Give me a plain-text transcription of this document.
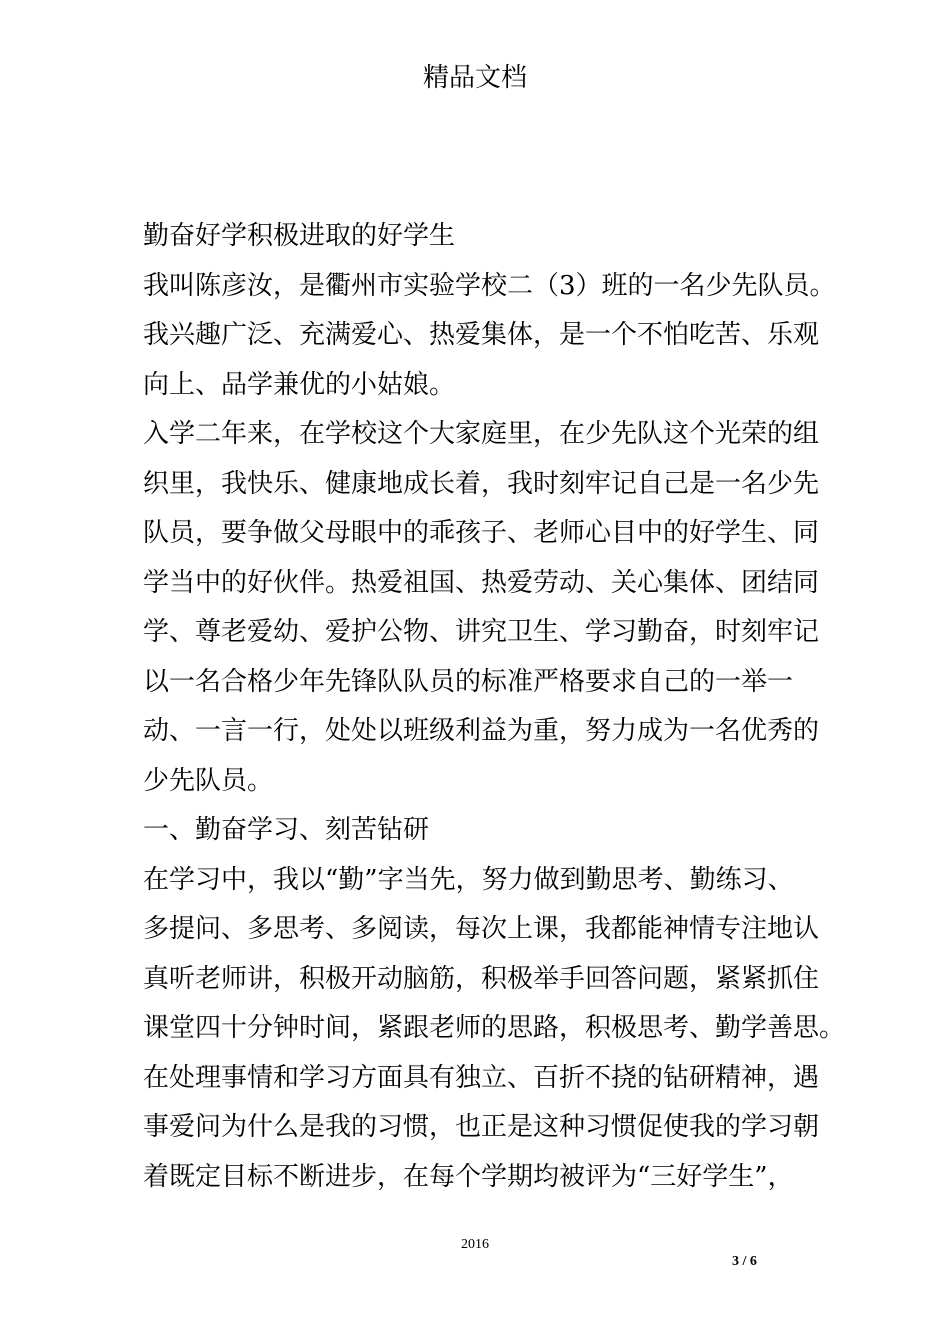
精品文档
勤奋好学积极进取的好学生
我叫陈彦汝，是衢州市实验学校二（3）班的一名少先队员。
我兴趣广泛、充满爱心、热爱集体，是一个不怕吃苦、乐观
向上、品学兼优的小姑娘。
入学二年来，在学校这个大家庭里，在少先队这个光荣的组
织里，我快乐、健康地成长着，我时刻牢记自己是一名少先
队员，要争做父母眼中的乖孩子、老师心目中的好学生、同
学当中的好伙伴。热爱祖国、热爱劳动、关心集体、团结同
学、尊老爱幼、爱护公物、讲究卫生、学习勤奋，时刻牢记
以一名合格少年先锋队队员的标准严格要求自己的一举一
动、一言一行，处处以班级利益为重，努力成为一名优秀的
少先队员。
一、勤奋学习、刻苦钻研
在学习中，我以“勤”字当先，努力做到勤思考、勤练习、
多提问、多思考、多阅读，每次上课，我都能神情专注地认
真听老师讲，积极开动脑筋，积极举手回答问题，紧紧抓住
课堂四十分钟时间，紧跟老师的思路，积极思考、勤学善思。
在处理事情和学习方面具有独立、百折不挠的钻研精神，遇
事爱问为什么是我的习惯，也正是这种习惯促使我的学习朝
着既定目标不断进步，在每个学期均被评为“三好学生”，
2016
3 / 6
